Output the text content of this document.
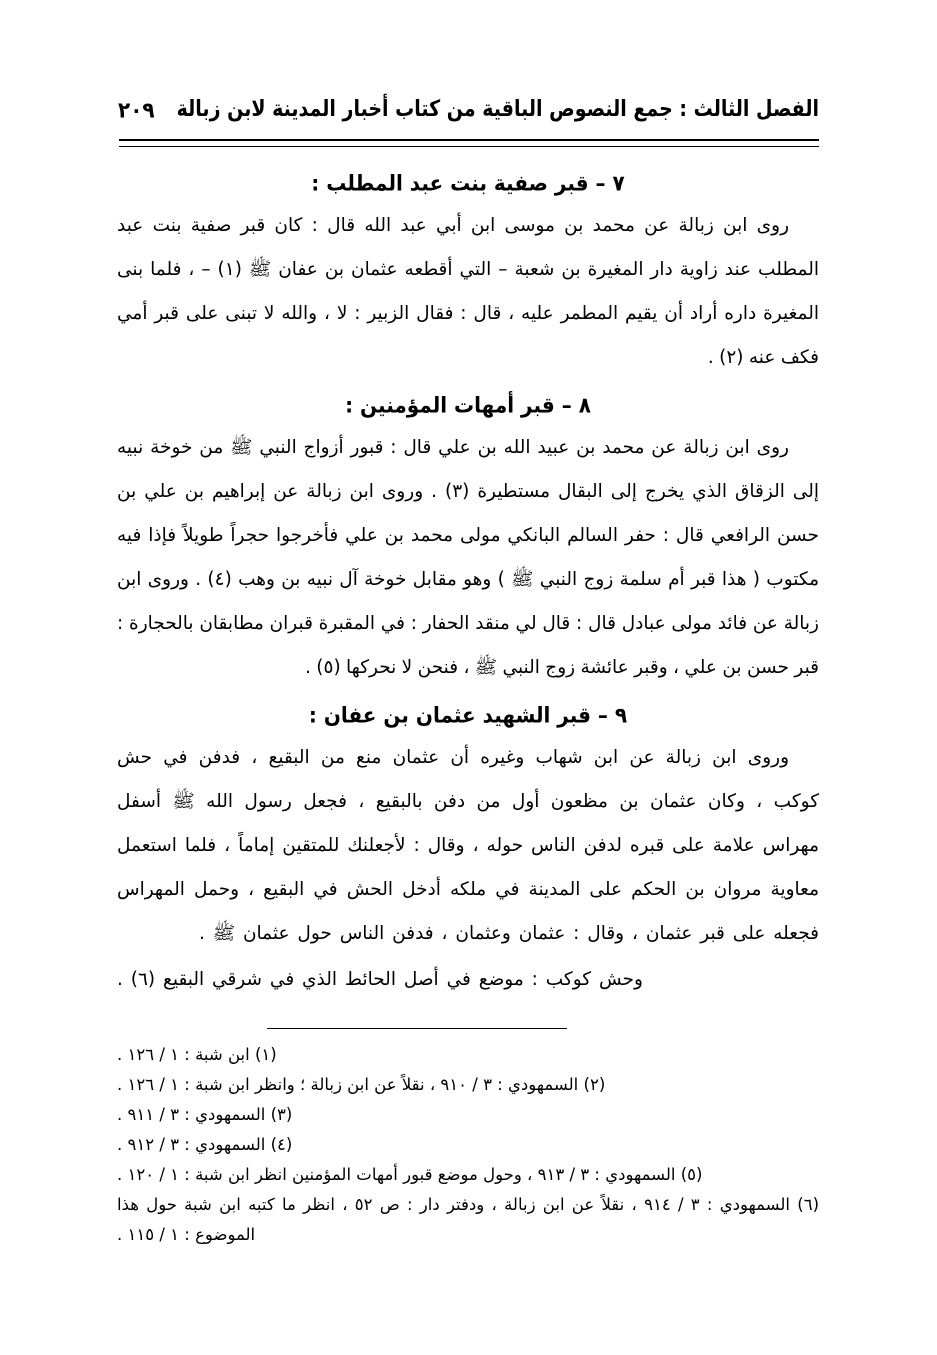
الفصل الثالث : جمع النصوص الباقية من كتاب أخبار المدينة لابن زبالة
٢٠٩
٧ – قبر صفية بنت عبد المطلب :

روى ابن زبالة عن محمد بن موسى ابن أبي عبد الله قال : كان قبر صفية بنت عبد المطلب عند زاوية دار المغيرة بن شعبة – التي أقطعه عثمان بن عفان ﷺ (١) – ، فلما بنى المغيرة داره أراد أن يقيم المطمر عليه ، قال : فقال الزبير : لا ، والله لا تبنى على قبر أمي فكف عنه (٢) .

٨ – قبر أمهات المؤمنين :

روى ابن زبالة عن محمد بن عبيد الله بن علي قال : قبور أزواج النبي ﷺ من خوخة نبيه إلى الزقاق الذي يخرج إلى البقال مستطيرة (٣) . وروى ابن زبالة عن إبراهيم بن علي بن حسن الرافعي قال : حفر السالم البانكي مولى محمد بن علي فأخرجوا حجراً طويلاً فإذا فيه مكتوب ( هذا قبر أم سلمة زوج النبي ﷺ ) وهو مقابل خوخة آل نبيه بن وهب (٤) . وروى ابن زبالة عن فائد مولى عبادل قال : قال لي منقد الحفار : في المقبرة قبران مطابقان بالحجارة : قبر حسن بن علي ، وقبر عائشة زوج النبي ﷺ ، فنحن لا نحركها (٥) .

٩ – قبر الشهيد عثمان بن عفان :

وروى ابن زبالة عن ابن شهاب وغيره أن عثمان منع من البقيع ، فدفن في حش كوكب ، وكان عثمان بن مظعون أول من دفن بالبقيع ، فجعل رسول الله ﷺ أسفل مهراس علامة على قبره لدفن الناس حوله ، وقال : لأجعلنك للمتقين إماماً ، فلما استعمل معاوية مروان بن الحكم على المدينة في ملكه أدخل الحش في البقيع ، وحمل المهراس فجعله على قبر عثمان ، وقال : عثمان وعثمان ، فدفن الناس حول عثمان ﷺ .

وحش كوكب : موضع في أصل الحائط الذي في شرقي البقيع (٦) .

(١) ابن شبة : ١ / ١٢٦ .

(٢) السمهودي : ٣ / ٩١٠ ، نقلاً عن ابن زبالة ؛ وانظر ابن شبة : ١ / ١٢٦ .

(٣) السمهودي : ٣ / ٩١١ .

(٤) السمهودي : ٣ / ٩١٢ .

(٥) السمهودي : ٣ / ٩١٣ ، وحول موضع قبور أمهات المؤمنين انظر ابن شبة : ١ / ١٢٠ .

(٦) السمهودي : ٣ / ٩١٤ ، نقلاً عن ابن زبالة ، ودفتر دار : ص ٥٢ ، انظر ما كتبه ابن شبة حول هذا الموضوع : ١ / ١١٥ .
